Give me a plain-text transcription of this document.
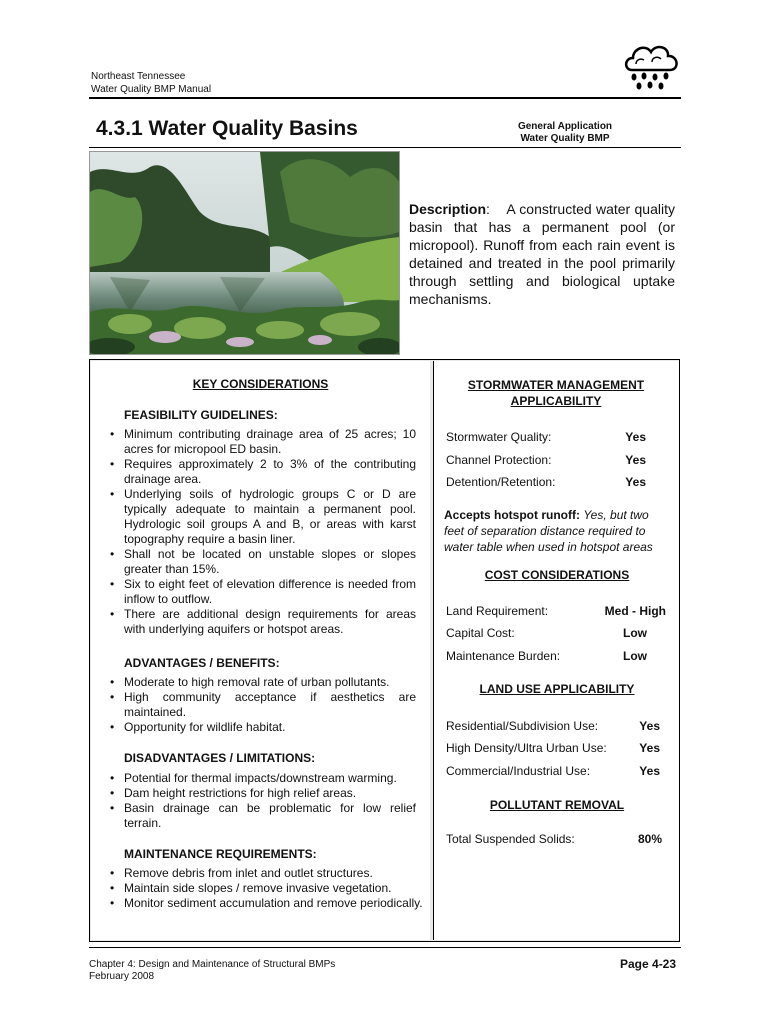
Northeast Tennessee
Water Quality BMP Manual
4.3.1 Water Quality Basins	General Application
Water Quality BMP
Description:    A constructed water quality basin that has a permanent pool (or micropool). Runoff from each rain event is detained and treated in the pool primarily through settling and biological uptake mechanisms.
KEY CONSIDERATIONS
FEASIBILITY GUIDELINES:
• Minimum contributing drainage area of 25 acres; 10 acres for micropool ED basin.
• Requires approximately 2 to 3% of the contributing drainage area.
• Underlying soils of hydrologic groups C or D are typically adequate to maintain a permanent pool. Hydrologic soil groups A and B, or areas with karst topography require a basin liner.
• Shall not be located on unstable slopes or slopes greater than 15%.
• Six to eight feet of elevation difference is needed from inflow to outflow.
• There are additional design requirements for areas with underlying aquifers or hotspot areas.
ADVANTAGES / BENEFITS:
• Moderate to high removal rate of urban pollutants.
• High community acceptance if aesthetics are maintained.
• Opportunity for wildlife habitat.
DISADVANTAGES / LIMITATIONS:
• Potential for thermal impacts/downstream warming.
• Dam height restrictions for high relief areas.
• Basin drainage can be problematic for low relief terrain.
MAINTENANCE REQUIREMENTS:
• Remove debris from inlet and outlet structures.
• Maintain side slopes / remove invasive vegetation.
• Monitor sediment accumulation and remove periodically.
STORMWATER MANAGEMENT APPLICABILITY
Stormwater Quality:	Yes
Channel Protection:	Yes
Detention/Retention:	Yes
Accepts hotspot runoff: Yes, but two feet of separation distance required to water table when used in hotspot areas
COST CONSIDERATIONS
Land Requirement:	Med - High
Capital Cost:	Low
Maintenance Burden:	Low
LAND USE APPLICABILITY
Residential/Subdivision Use:	Yes
High Density/Ultra Urban Use:	Yes
Commercial/Industrial Use:	Yes
POLLUTANT REMOVAL
Total Suspended Solids:	80%
Chapter 4: Design and Maintenance of Structural BMPs
February 2008
Page 4-23
